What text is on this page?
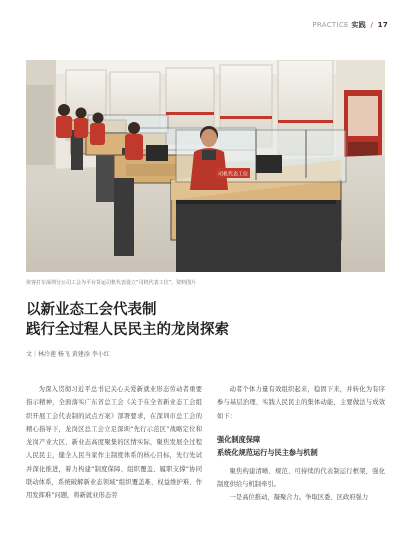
PRACTICE 实践 / 17
司机代表工位
侠客打车深圳分公司工会为平台货运司机代表设立“司机代表工位”，资料图片
以新业态工会代表制
践行全过程人民民主的龙岗探索
文｜林泠莲 杨飞 黄建添 李小红

为深入贯彻习近平总书记关心关爱新就业形态劳动者重要指示精神，全面落实广东省总工会《关于在全省新业态工会组织开展工会代表制的试点方案》部署要求，在深圳市总工会的精心指导下，龙岗区总工会立足深圳“先行示范区”战略定位和龙岗产业大区、新业态高度聚集的区情实际，聚焦发展全过程人民民主，健全人民当家作主制度体系的核心目标，先行先试并深化推进，着力构建“制度保障、组织覆盖、履职支撑”协同联动体系，系统破解新业态领域“组织覆盖难、权益维护难、作用发挥难”问题，将新就业形态劳

动者个体力量有效组织起来，稳固下来，并转化为有序参与基层治理、实践人民民主的集体动能，主要做法与成效如下：

强化制度保障
系统化规范运行与民主参与机制

聚焦构建清晰、规范、可持续的代表制运行框架，强化制度供给与机制牵引。

一是高位推动，凝聚合力。争取区委、区政府强力
